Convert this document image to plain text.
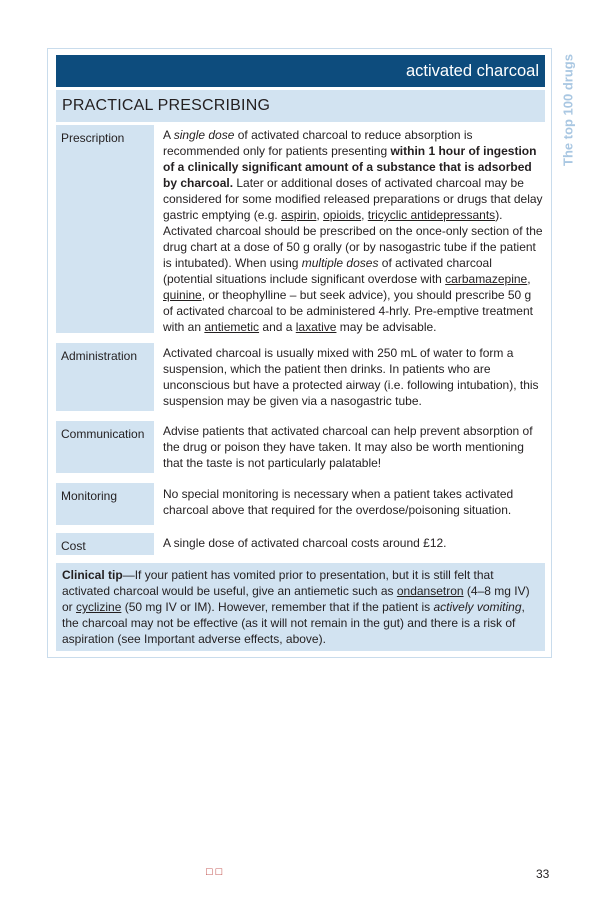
activated charcoal
PRACTICAL PRESCRIBING
Prescription	A single dose of activated charcoal to reduce absorption is recommended only for patients presenting within 1 hour of ingestion of a clinically significant amount of a substance that is adsorbed by charcoal. Later or additional doses of activated charcoal may be considered for some modified released preparations or drugs that delay gastric emptying (e.g. aspirin, opioids, tricyclic antidepressants). Activated charcoal should be prescribed on the once-only section of the drug chart at a dose of 50 g orally (or by nasogastric tube if the patient is intubated). When using multiple doses of activated charcoal (potential situations include significant overdose with carbamazepine, quinine, or theophylline – but seek advice), you should prescribe 50 g of activated charcoal to be administered 4-hrly. Pre-emptive treatment with an antiemetic and a laxative may be advisable.

Administration	Activated charcoal is usually mixed with 250 mL of water to form a suspension, which the patient then drinks. In patients who are unconscious but have a protected airway (i.e. following intubation), this suspension may be given via a nasogastric tube.
Communication	Advise patients that activated charcoal can help prevent absorption of the drug or poison they have taken. It may also be worth mentioning that the taste is not particularly palatable!
Monitoring	No special monitoring is necessary when a patient takes activated charcoal above that required for the overdose/poisoning situation.
Cost	A single dose of activated charcoal costs around £12.
Clinical tip—If your patient has vomited prior to presentation, but it is still felt that activated charcoal would be useful, give an antiemetic such as ondansetron (4–8 mg IV) or cyclizine (50 mg IV or IM). However, remember that if the patient is actively vomiting, the charcoal may not be effective (as it will not remain in the gut) and there is a risk of aspiration (see Important adverse effects, above).
The top 100 drugs
□□	33
